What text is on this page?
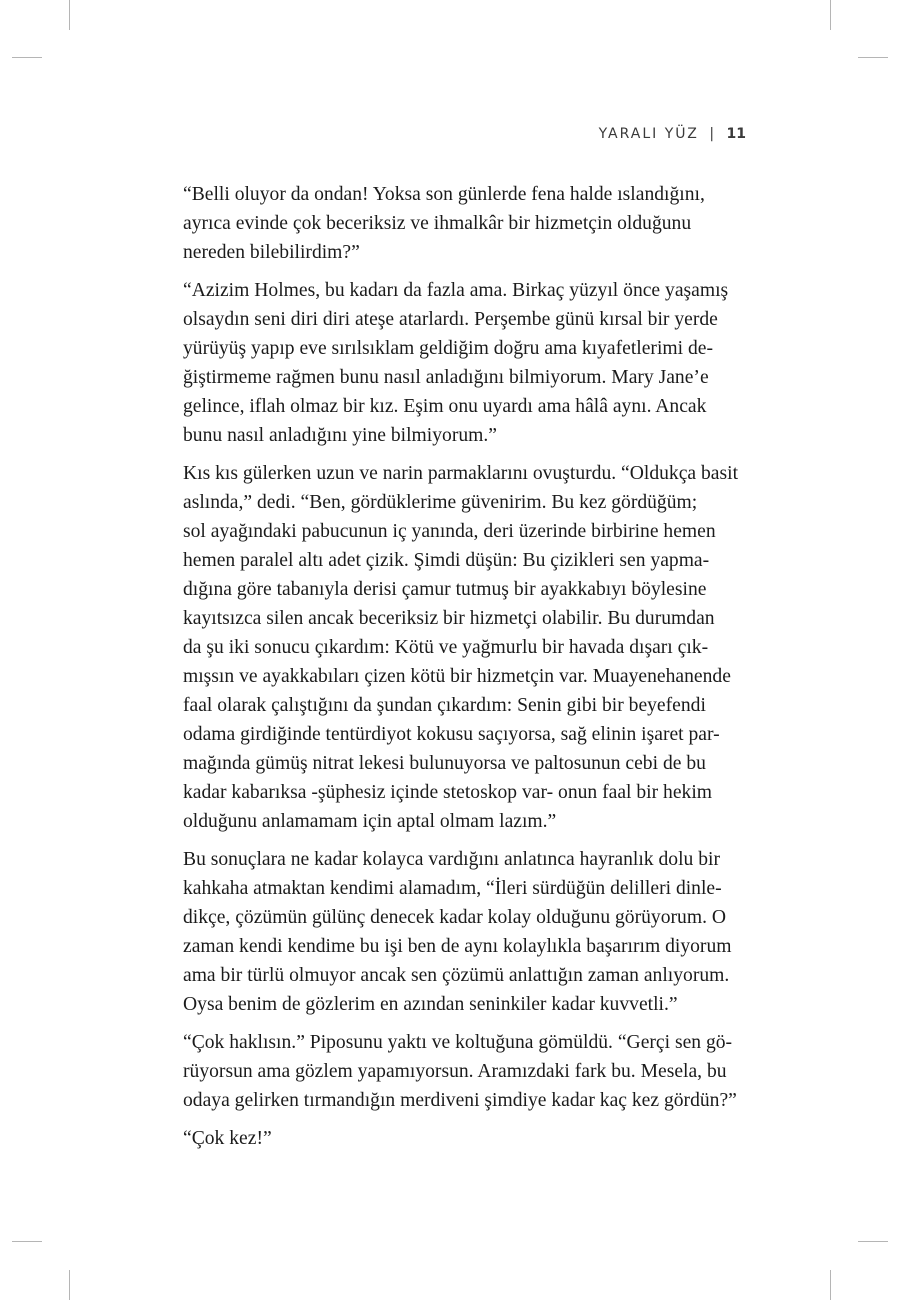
YARALI YÜZ | 11

“Belli oluyor da ondan! Yoksa son günlerde fena halde ıslandığını,
ayrıca evinde çok beceriksiz ve ihmalkâr bir hizmetçin olduğunu
nereden bilebilirdim?”

“Azizim Holmes, bu kadarı da fazla ama. Birkaç yüzyıl önce yaşamış
olsaydın seni diri diri ateşe atarlardı. Perşembe günü kırsal bir yerde
yürüyüş yapıp eve sırılsıklam geldiğim doğru ama kıyafetlerimi de-
ğiştirmeme rağmen bunu nasıl anladığını bilmiyorum. Mary Jane’e
gelince, iflah olmaz bir kız. Eşim onu uyardı ama hâlâ aynı. Ancak
bunu nasıl anladığını yine bilmiyorum.”

Kıs kıs gülerken uzun ve narin parmaklarını ovuşturdu. “Oldukça basit
aslında,” dedi. “Ben, gördüklerime güvenirim. Bu kez gördüğüm;
sol ayağındaki pabucunun iç yanında, deri üzerinde birbirine hemen
hemen paralel altı adet çizik. Şimdi düşün: Bu çizikleri sen yapma-
dığına göre tabanıyla derisi çamur tutmuş bir ayakkabıyı böylesine
kayıtsızca silen ancak beceriksiz bir hizmetçi olabilir. Bu durumdan
da şu iki sonucu çıkardım: Kötü ve yağmurlu bir havada dışarı çık-
mışsın ve ayakkabıları çizen kötü bir hizmetçin var. Muayenehanende
faal olarak çalıştığını da şundan çıkardım: Senin gibi bir beyefendi
odama girdiğinde tentürdiyot kokusu saçıyorsa, sağ elinin işaret par-
mağında gümüş nitrat lekesi bulunuyorsa ve paltosunun cebi de bu
kadar kabarıksa -şüphesiz içinde stetoskop var- onun faal bir hekim
olduğunu anlamamam için aptal olmam lazım.”

Bu sonuçlara ne kadar kolayca vardığını anlatınca hayranlık dolu bir
kahkaha atmaktan kendimi alamadım, “İleri sürdüğün delilleri dinle-
dikçe, çözümün gülünç denecek kadar kolay olduğunu görüyorum. O
zaman kendi kendime bu işi ben de aynı kolaylıkla başarırım diyorum
ama bir türlü olmuyor ancak sen çözümü anlattığın zaman anlıyorum.
Oysa benim de gözlerim en azından seninkiler kadar kuvvetli.”

“Çok haklısın.” Piposunu yaktı ve koltuğuna gömüldü. “Gerçi sen gö-
rüyorsun ama gözlem yapamıyorsun. Aramızdaki fark bu. Mesela, bu
odaya gelirken tırmandığın merdiveni şimdiye kadar kaç kez gördün?”

“Çok kez!”
